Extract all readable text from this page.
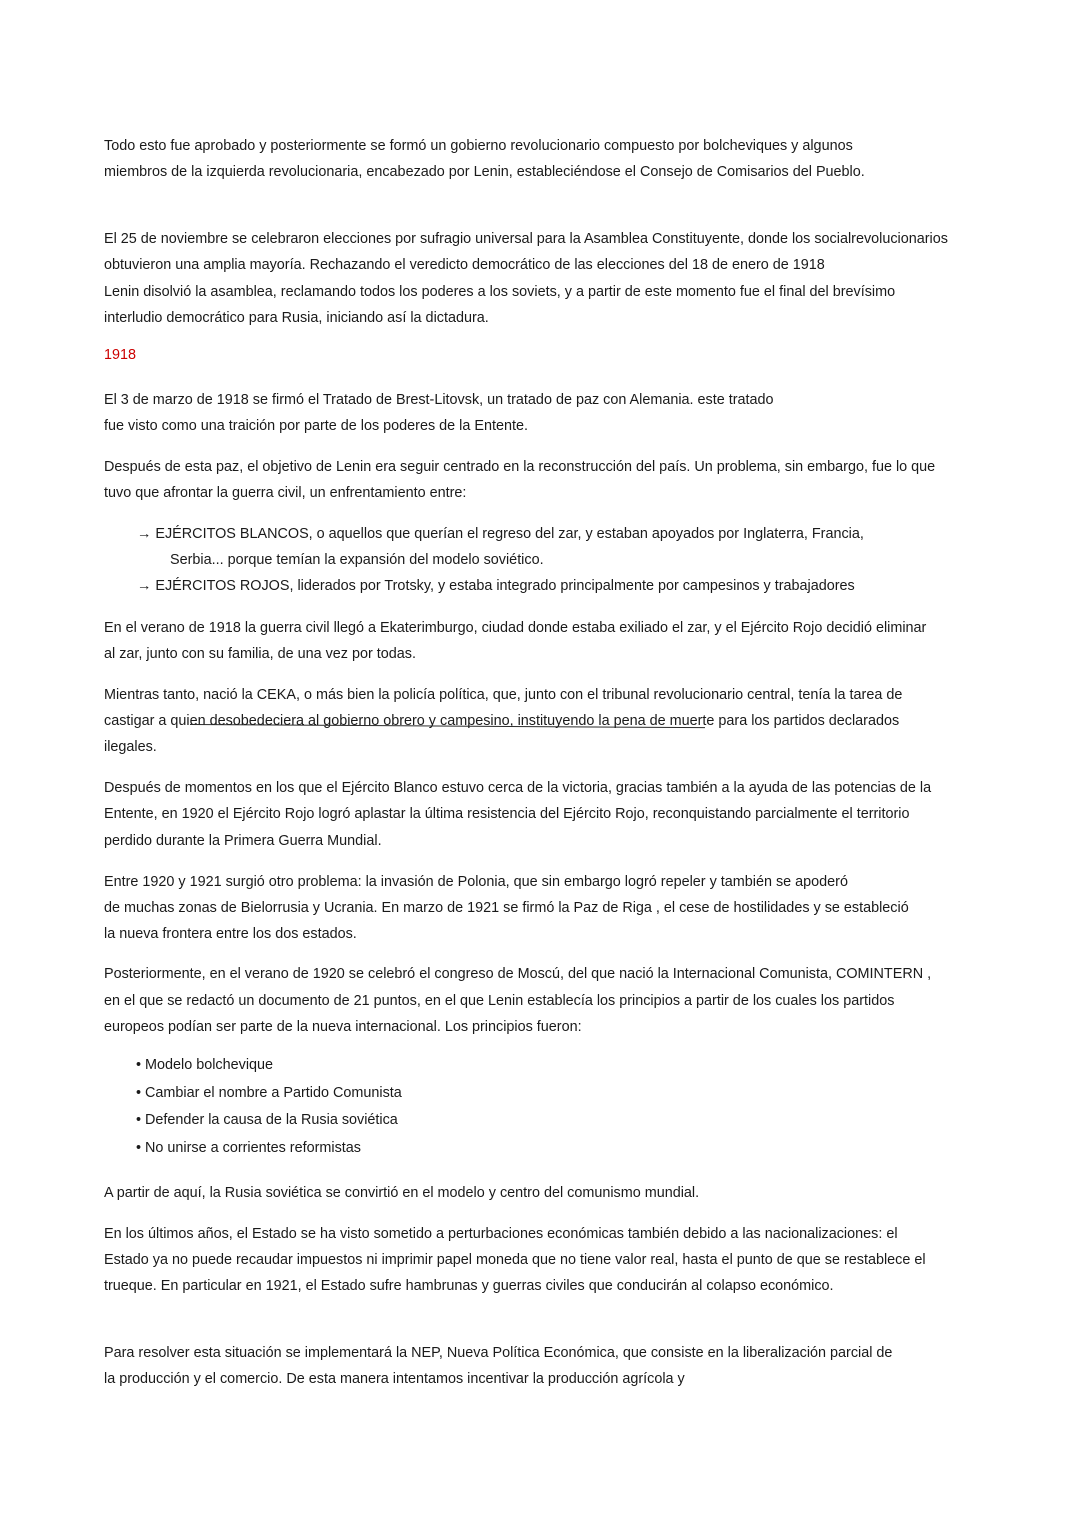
Todo esto fue aprobado y posteriormente se formó un gobierno revolucionario compuesto por bolcheviques y algunos
miembros de la izquierda revolucionaria, encabezado por Lenin, estableciéndose el Consejo de Comisarios del Pueblo.
El 25 de noviembre se celebraron elecciones por sufragio universal para la Asamblea Constituyente, donde los socialrevolucionarios
obtuvieron una amplia mayoría. Rechazando el veredicto democrático de las elecciones del 18 de enero de 1918
Lenin disolvió la asamblea, reclamando todos los poderes a los soviets, y a partir de este momento fue el final del brevísimo
interludio democrático para Rusia, iniciando así la dictadura.
1918
El 3 de marzo de 1918 se firmó el Tratado de Brest-Litovsk, un tratado de paz con Alemania. este tratado
fue visto como una traición por parte de los poderes de la Entente.
Después de esta paz, el objetivo de Lenin era seguir centrado en la reconstrucción del país. Un problema, sin embargo, fue lo que
tuvo que afrontar la guerra civil, un enfrentamiento entre:
→ EJÉRCITOS BLANCOS, o aquellos que querían el regreso del zar, y estaban apoyados por Inglaterra, Francia,
Serbia... porque temían la expansión del modelo soviético.
→ EJÉRCITOS ROJOS, liderados por Trotsky, y estaba integrado principalmente por campesinos y trabajadores
En el verano de 1918 la guerra civil llegó a Ekaterimburgo, ciudad donde estaba exiliado el zar, y el Ejército Rojo decidió eliminar
al zar, junto con su familia, de una vez por todas.
Mientras tanto, nació la CEKA, o más bien la policía política, que, junto con el tribunal revolucionario central, tenía la tarea de
castigar a quien desobedeciera al gobierno obrero y campesino, instituyendo la pena de muerte para los partidos declarados
ilegales.
Después de momentos en los que el Ejército Blanco estuvo cerca de la victoria, gracias también a la ayuda de las potencias de la
Entente, en 1920 el Ejército Rojo logró aplastar la última resistencia del Ejército Rojo, reconquistando parcialmente el territorio
perdido durante la Primera Guerra Mundial.
Entre 1920 y 1921 surgió otro problema: la invasión de Polonia, que sin embargo logró repeler y también se apoderó
de muchas zonas de Bielorrusia y Ucrania. En marzo de 1921 se firmó la Paz de Riga , el cese de hostilidades y se estableció
la nueva frontera entre los dos estados.
Posteriormente, en el verano de 1920 se celebró el congreso de Moscú, del que nació la Internacional Comunista, COMINTERN ,
en el que se redactó un documento de 21 puntos, en el que Lenin establecía los principios a partir de los cuales los partidos
europeos podían ser parte de la nueva internacional. Los principios fueron:
• Modelo bolchevique
• Cambiar el nombre a Partido Comunista
• Defender la causa de la Rusia soviética
• No unirse a corrientes reformistas
A partir de aquí, la Rusia soviética se convirtió en el modelo y centro del comunismo mundial.
En los últimos años, el Estado se ha visto sometido a perturbaciones económicas también debido a las nacionalizaciones: el
Estado ya no puede recaudar impuestos ni imprimir papel moneda que no tiene valor real, hasta el punto de que se restablece el
trueque. En particular en 1921, el Estado sufre hambrunas y guerras civiles que conducirán al colapso económico.
Para resolver esta situación se implementará la NEP, Nueva Política Económica, que consiste en la liberalización parcial de
la producción y el comercio. De esta manera intentamos incentivar la producción agrícola y
